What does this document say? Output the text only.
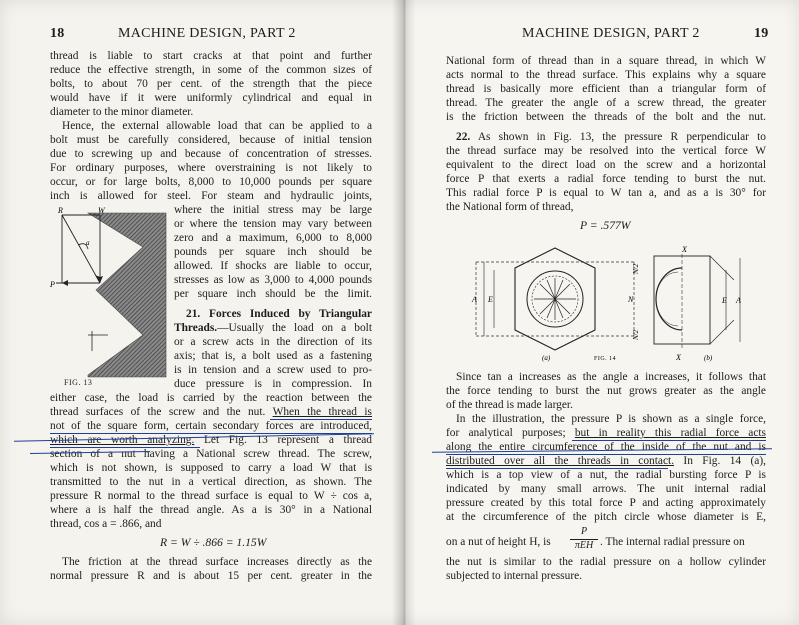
18	MACHINE DESIGN, PART 2
thread is liable to start cracks at that point and further
reduce the effective strength, in some of the common sizes of
bolts, to about 70 per cent. of the strength that the piece
would have if it were uniformly cylindrical and equal in
diameter to the minor diameter.
Hence, the external allowable load that can be applied to a
bolt must be carefully considered, because of initial tension
due to screwing up and because of concentration of stresses.
For ordinary purposes, where overstraining is not likely to
occur, or for large bolts, 8,000 to 10,000 pounds per square
inch is allowed for steel. For steam and hydraulic joints,
R	W
P
a
FIG. 13
where the initial stress may be large
or where the tension may vary between
zero and a maximum, 6,000 to 8,000
pounds per square inch should be
allowed. If shocks are liable to occur,
stresses as low as 3,000 to 4,000 pounds
per square inch should be the limit.
21. Forces Induced by Triangular
Threads.—Usually the load on a bolt
or a screw acts in the direction of its
axis; that is, a bolt used as a fastening
is in tension and a screw used to pro-
duce pressure is in compression. In
either case, the load is carried by the reaction between the
thread surfaces of the screw and the nut. When the thread is
not of the square form, certain secondary forces are introduced,
which are worth analyzing. Let Fig. 13 represent a thread
section of a nut having a National screw thread. The screw,
which is not shown, is supposed to carry a load W that is
transmitted to the nut in a vertical direction, as shown. The
pressure R normal to the thread surface is equal to W ÷ cos a,
where a is half the thread angle. As a is 30° in a National
thread, cos a = .866, and
R = W ÷ .866 = 1.15W
The friction at the thread surface increases directly as the
normal pressure R and is about 15 per cent. greater in the
MACHINE DESIGN, PART 2	19
National form of thread than in a square thread, in which W
acts normal to the thread surface. This explains why a square
thread is basically more efficient than a triangular form of
thread. The greater the angle of a screw thread, the greater
is the friction between the threads of the bolt and the nut.
22. As shown in Fig. 13, the pressure R perpendicular to
the thread surface may be resolved into the vertical force W
equivalent to the direct load on the screw and a horizontal
force P that exerts a radial force tending to burst the nut.
This radial force P is equal to W tan a, and as a is 30° for
the National form of thread,
P = .577W
A E
X
N/2
N
N/2
E A
X
(a)	(b)
FIG. 14
Since tan a increases as the angle a increases, it follows that
the force tending to burst the nut grows greater as the angle
of the thread is made larger.
In the illustration, the pressure P is shown as a single force,
for analytical purposes; but in reality this radial force acts
along the entire circumference of the inside of the nut and is
distributed over all the threads in contact. In Fig. 14 (a),
which is a top view of a nut, the radial bursting force P is
indicated by many small arrows. The unit internal radial
pressure created by this total force P and acting approximately
at the circumference of the pitch circle whose diameter is E,
on a nut of height H, is
P
πEH . The internal radial pressure on
the nut is similar to the radial pressure on a hollow cylinder
subjected to internal pressure.
